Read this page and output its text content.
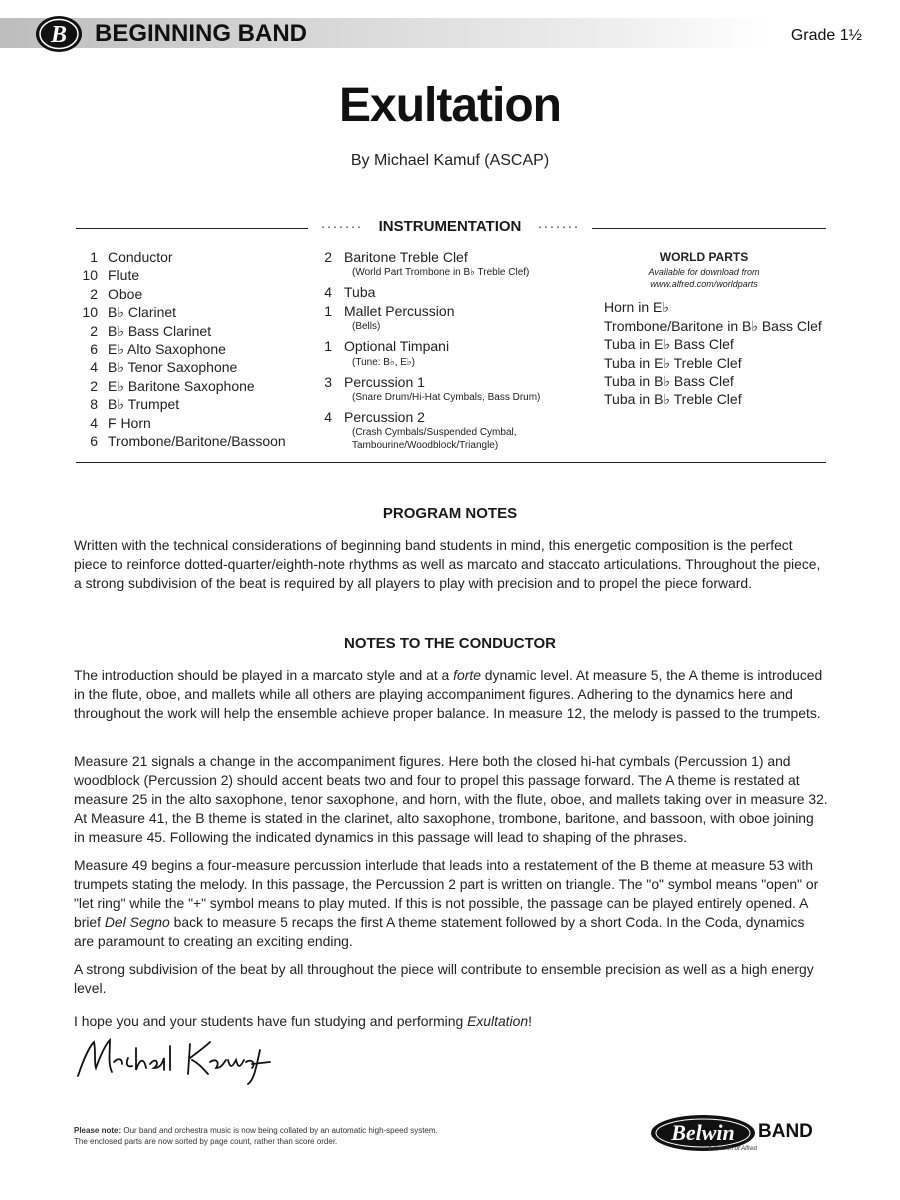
B BEGINNING BAND	Grade 1½
Exultation
By Michael Kamuf (ASCAP)
······· INSTRUMENTATION ·······
1 Conductor
10 Flute
2 Oboe
10 B♭ Clarinet
2 B♭ Bass Clarinet
6 E♭ Alto Saxophone
4 B♭ Tenor Saxophone
2 E♭ Baritone Saxophone
8 B♭ Trumpet
4 F Horn
6 Trombone/Baritone/Bassoon
2 Baritone Treble Clef
(World Part Trombone in B♭ Treble Clef)
4 Tuba
1 Mallet Percussion
(Bells)
1 Optional Timpani
(Tune: B♭, E♭)
3 Percussion 1
(Snare Drum/Hi-Hat Cymbals, Bass Drum)
4 Percussion 2
(Crash Cymbals/Suspended Cymbal, Tambourine/Woodblock/Triangle)
WORLD PARTS
Available for download from
www.alfred.com/worldparts
Horn in E♭
Trombone/Baritone in B♭ Bass Clef
Tuba in E♭ Bass Clef
Tuba in E♭ Treble Clef
Tuba in B♭ Bass Clef
Tuba in B♭ Treble Clef
PROGRAM NOTES
Written with the technical considerations of beginning band students in mind, this energetic composition is the perfect piece to reinforce dotted-quarter/eighth-note rhythms as well as marcato and staccato articulations. Throughout the piece, a strong subdivision of the beat is required by all players to play with precision and to propel the piece forward.
NOTES TO THE CONDUCTOR
The introduction should be played in a marcato style and at a forte dynamic level. At measure 5, the A theme is introduced in the flute, oboe, and mallets while all others are playing accompaniment figures. Adhering to the dynamics here and throughout the work will help the ensemble achieve proper balance. In measure 12, the melody is passed to the trumpets.
Measure 21 signals a change in the accompaniment figures. Here both the closed hi-hat cymbals (Percussion 1) and woodblock (Percussion 2) should accent beats two and four to propel this passage forward. The A theme is restated at measure 25 in the alto saxophone, tenor saxophone, and horn, with the flute, oboe, and mallets taking over in measure 32. At Measure 41, the B theme is stated in the clarinet, alto saxophone, trombone, baritone, and bassoon, with oboe joining in measure 45. Following the indicated dynamics in this passage will lead to shaping of the phrases.
Measure 49 begins a four-measure percussion interlude that leads into a restatement of the B theme at measure 53 with trumpets stating the melody. In this passage, the Percussion 2 part is written on triangle. The "o" symbol means "open" or "let ring" while the "+" symbol means to play muted. If this is not possible, the passage can be played entirely opened. A brief Del Segno back to measure 5 recaps the first A theme statement followed by a short Coda. In the Coda, dynamics are paramount to creating an exciting ending.
A strong subdivision of the beat by all throughout the piece will contribute to ensemble precision as well as a high energy level.
I hope you and your students have fun studying and performing Exultation!
Please note: Our band and orchestra music is now being collated by an automatic high-speed system.
The enclosed parts are now sorted by page count, rather than score order.	Belwin BAND
a division of Alfred
